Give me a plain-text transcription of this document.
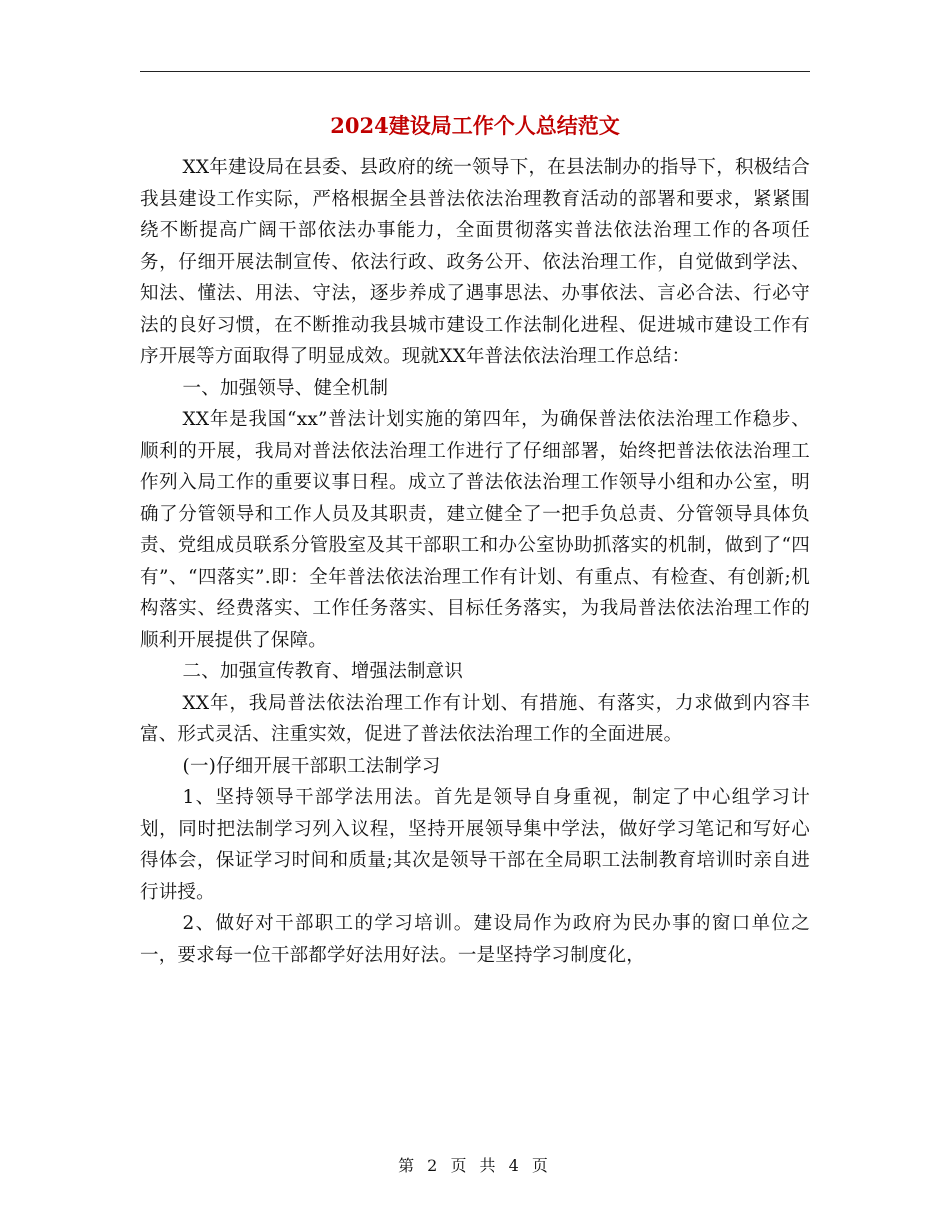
2024建设局工作个人总结范文

XX年建设局在县委、县政府的统一领导下，在县法制办的指导下，积极结合我县建设工作实际，严格根据全县普法依法治理教育活动的部署和要求，紧紧围绕不断提高广阔干部依法办事能力，全面贯彻落实普法依法治理工作的各项任务，仔细开展法制宣传、依法行政、政务公开、依法治理工作，自觉做到学法、知法、懂法、用法、守法，逐步养成了遇事思法、办事依法、言必合法、行必守法的良好习惯，在不断推动我县城市建设工作法制化进程、促进城市建设工作有序开展等方面取得了明显成效。现就XX年普法依法治理工作总结：

一、加强领导、健全机制

XX年是我国“xx”普法计划实施的第四年，为确保普法依法治理工作稳步、顺利的开展，我局对普法依法治理工作进行了仔细部署，始终把普法依法治理工作列入局工作的重要议事日程。成立了普法依法治理工作领导小组和办公室，明确了分管领导和工作人员及其职责，建立健全了一把手负总责、分管领导具体负责、党组成员联系分管股室及其干部职工和办公室协助抓落实的机制，做到了“四有”、“四落实”.即：全年普法依法治理工作有计划、有重点、有检查、有创新;机构落实、经费落实、工作任务落实、目标任务落实，为我局普法依法治理工作的顺利开展提供了保障。

二、加强宣传教育、增强法制意识

XX年，我局普法依法治理工作有计划、有措施、有落实，力求做到内容丰富、形式灵活、注重实效，促进了普法依法治理工作的全面进展。

(一)仔细开展干部职工法制学习

1、坚持领导干部学法用法。首先是领导自身重视，制定了中心组学习计划，同时把法制学习列入议程，坚持开展领导集中学法，做好学习笔记和写好心得体会，保证学习时间和质量;其次是领导干部在全局职工法制教育培训时亲自进行讲授。

2、做好对干部职工的学习培训。建设局作为政府为民办事的窗口单位之一，要求每一位干部都学好法用好法。一是坚持学习制度化，

第 2 页 共 4 页
